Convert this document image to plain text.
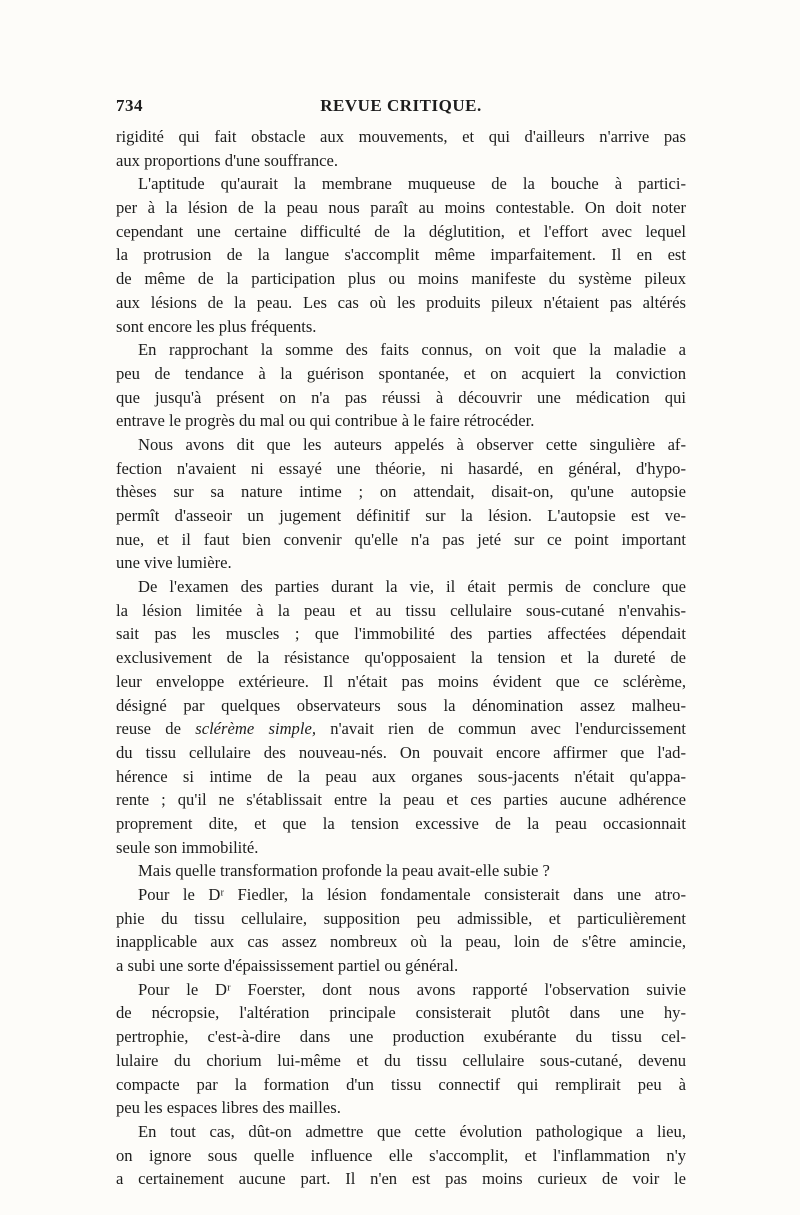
734	REVUE CRITIQUE.
rigidité qui fait obstacle aux mouvements, et qui d'ailleurs n'arrive pas
aux proportions d'une souffrance.
L'aptitude qu'aurait la membrane muqueuse de la bouche à partici-
per à la lésion de la peau nous paraît au moins contestable. On doit noter
cependant une certaine difficulté de la déglutition, et l'effort avec lequel
la protrusion de la langue s'accomplit même imparfaitement. Il en est
de même de la participation plus ou moins manifeste du système pileux
aux lésions de la peau. Les cas où les produits pileux n'étaient pas altérés
sont encore les plus fréquents.
En rapprochant la somme des faits connus, on voit que la maladie a
peu de tendance à la guérison spontanée, et on acquiert la conviction
que jusqu'à présent on n'a pas réussi à découvrir une médication qui
entrave le progrès du mal ou qui contribue à le faire rétrocéder.
Nous avons dit que les auteurs appelés à observer cette singulière af-
fection n'avaient ni essayé une théorie, ni hasardé, en général, d'hypo-
thèses sur sa nature intime ; on attendait, disait-on, qu'une autopsie
permît d'asseoir un jugement définitif sur la lésion. L'autopsie est ve-
nue, et il faut bien convenir qu'elle n'a pas jeté sur ce point important
une vive lumière.
De l'examen des parties durant la vie, il était permis de conclure que
la lésion limitée à la peau et au tissu cellulaire sous-cutané n'envahis-
sait pas les muscles ; que l'immobilité des parties affectées dépendait
exclusivement de la résistance qu'opposaient la tension et la dureté de
leur enveloppe extérieure. Il n'était pas moins évident que ce sclérème,
désigné par quelques observateurs sous la dénomination assez malheu-
reuse de sclérème simple, n'avait rien de commun avec l'endurcissement
du tissu cellulaire des nouveau-nés. On pouvait encore affirmer que l'ad-
hérence si intime de la peau aux organes sous-jacents n'était qu'appa-
rente ; qu'il ne s'établissait entre la peau et ces parties aucune adhérence
proprement dite, et que la tension excessive de la peau occasionnait
seule son immobilité.
Mais quelle transformation profonde la peau avait-elle subie ?
Pour le Dʳ Fiedler, la lésion fondamentale consisterait dans une atro-
phie du tissu cellulaire, supposition peu admissible, et particulièrement
inapplicable aux cas assez nombreux où la peau, loin de s'être amincie,
a subi une sorte d'épaississement partiel ou général.
Pour le Dʳ Foerster, dont nous avons rapporté l'observation suivie
de nécropsie, l'altération principale consisterait plutôt dans une hy-
pertrophie, c'est-à-dire dans une production exubérante du tissu cel-
lulaire du chorium lui-même et du tissu cellulaire sous-cutané, devenu
compacte par la formation d'un tissu connectif qui remplirait peu à
peu les espaces libres des mailles.
En tout cas, dût-on admettre que cette évolution pathologique a lieu,
on ignore sous quelle influence elle s'accomplit, et l'inflammation n'y
a certainement aucune part. Il n'en est pas moins curieux de voir le
